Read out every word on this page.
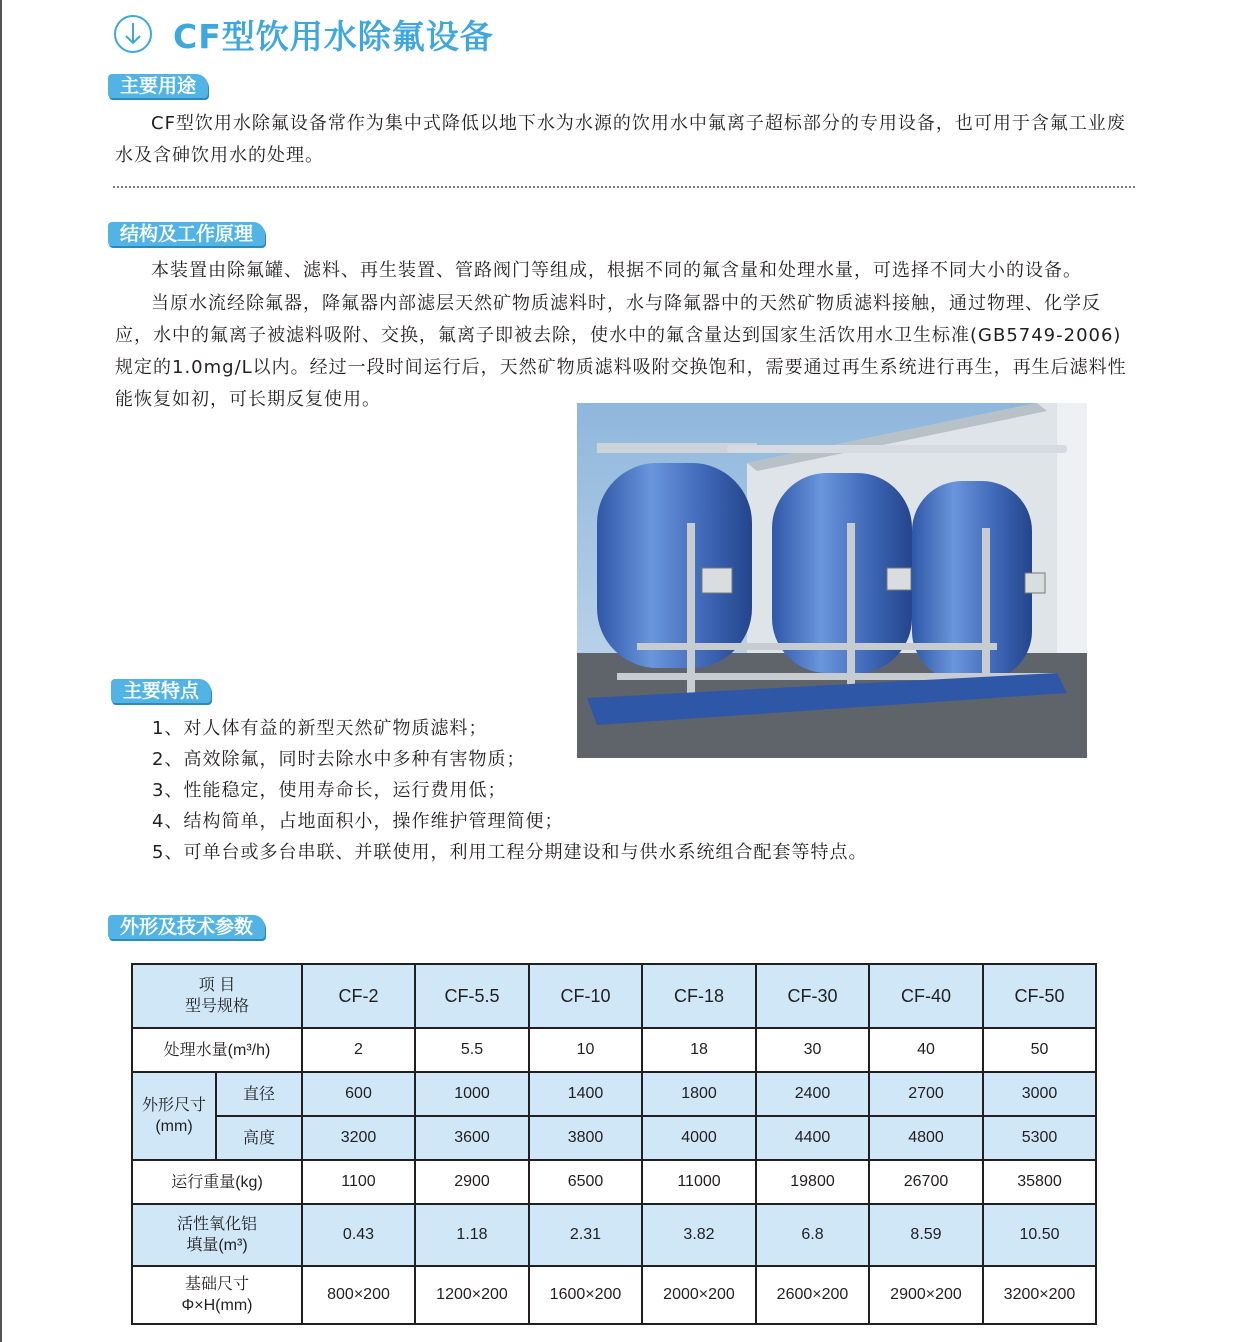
CF型饮用水除氟设备
主要用途

CF型饮用水除氟设备常作为集中式降低以地下水为水源的饮用水中氟离子超标部分的专用设备，也可用于含氟工业废水及含砷饮用水的处理。

结构及工作原理

本装置由除氟罐、滤料、再生装置、管路阀门等组成，根据不同的氟含量和处理水量，可选择不同大小的设备。

当原水流经除氟器，降氟器内部滤层天然矿物质滤料时，水与降氟器中的天然矿物质滤料接触，通过物理、化学反应，水中的氟离子被滤料吸附、交换，氟离子即被去除，使水中的氟含量达到国家生活饮用水卫生标准(GB5749-2006)规定的1.0mg/L以内。经过一段时间运行后，天然矿物质滤料吸附交换饱和，需要通过再生系统进行再生，再生后滤料性能恢复如初，可长期反复使用。

主要特点
1、对人体有益的新型天然矿物质滤料；
2、高效除氟，同时去除水中多种有害物质；
3、性能稳定，使用寿命长，运行费用低；
4、结构简单，占地面积小，操作维护管理简便；
5、可单台或多台串联、并联使用，利用工程分期建设和与供水系统组合配套等特点。
外形及技术参数
项 目
型号规格		CF-2	CF-5.5	CF-10	CF-18	CF-30	CF-40	CF-50
处理水量(m³/h)		2	5.5	10	18	30	40	50

外形尺寸
(mm)	直径	600	1000	1400	1800	2400	2700	3000
	高度	3200	3600	3800	4000	4400	4800	5300
运行重量(kg)		1100	2900	6500	11000	19800	26700	35800

活性氧化铝
填量(m³)		0.43	1.18	2.31	3.82	6.8	8.59	10.50

基础尺寸
Φ×H(mm)		800×200	1200×200	1600×200	2000×200	2600×200	2900×200	3200×200
